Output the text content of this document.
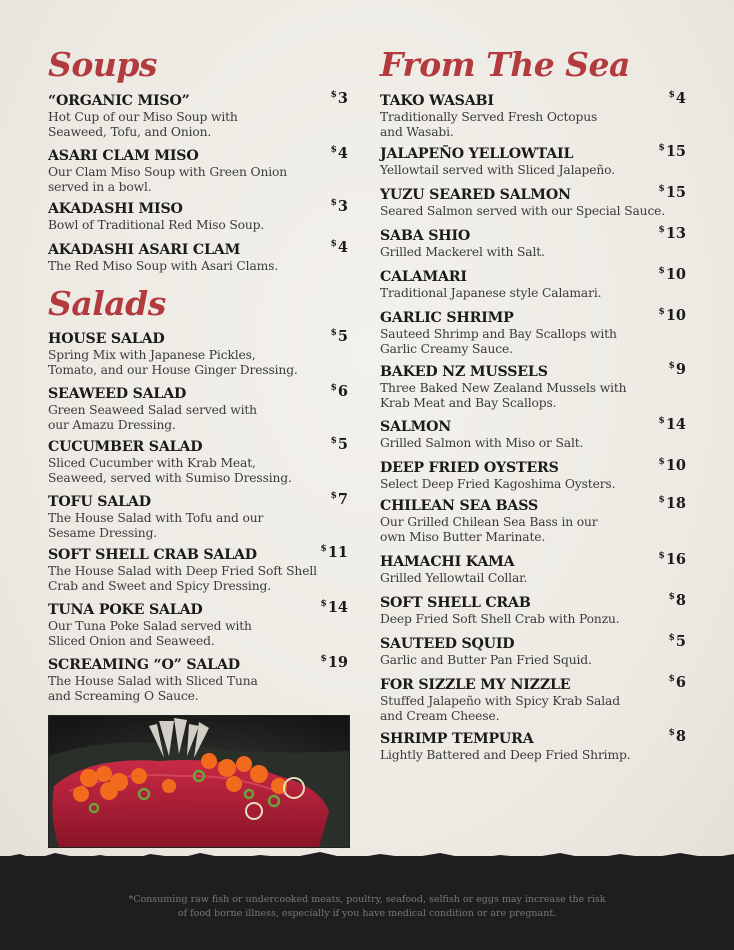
Soups
“ORGANIC MISO”	$3
Hot Cup of our Miso Soup with Seaweed, Tofu, and Onion.
ASARI CLAM MISO	$4
Our Clam Miso Soup with Green Onion served in a bowl.
AKADASHI MISO	$3
Bowl of Traditional Red Miso Soup.
AKADASHI ASARI CLAM	$4
The Red Miso Soup with Asari Clams.
Salads
HOUSE SALAD	$5
Spring Mix with Japanese Pickles, Tomato, and our House Ginger Dressing.
SEAWEED SALAD	$6
Green Seaweed Salad served with our Amazu Dressing.
CUCUMBER SALAD	$5
Sliced Cucumber with Krab Meat, Seaweed, served with Sumiso Dressing.
TOFU SALAD	$7
The House Salad with Tofu and our Sesame Dressing.
SOFT SHELL CRAB SALAD	$11
The House Salad with Deep Fried Soft Shell Crab and Sweet and Spicy Dressing.
TUNA POKE SALAD	$14
Our Tuna Poke Salad served with Sliced Onion and Seaweed.
SCREAMING “O” SALAD	$19
The House Salad with Sliced Tuna and Screaming O Sauce.
From The Sea
TAKO WASABI	$4
Traditionally Served Fresh Octopus and Wasabi.
JALAPEÑO YELLOWTAIL	$15
Yellowtail served with Sliced Jalapeño.
YUZU SEARED SALMON	$15
Seared Salmon served with our Special Sauce.
SABA SHIO	$13
Grilled Mackerel with Salt.
CALAMARI	$10
Traditional Japanese style Calamari.
GARLIC SHRIMP	$10
Sauteed Shrimp and Bay Scallops with Garlic Creamy Sauce.
BAKED NZ MUSSELS	$9
Three Baked New Zealand Mussels with Krab Meat and Bay Scallops.
SALMON	$14
Grilled Salmon with Miso or Salt.
DEEP FRIED OYSTERS	$10
Select Deep Fried Kagoshima Oysters.
CHILEAN SEA BASS	$18
Our Grilled Chilean Sea Bass in our own Miso Butter Marinate.
HAMACHI KAMA	$16
Grilled Yellowtail Collar.
SOFT SHELL CRAB	$8
Deep Fried Soft Shell Crab with Ponzu.
SAUTEED SQUID	$5
Garlic and Butter Pan Fried Squid.
FOR SIZZLE MY NIZZLE	$6
Stuffed Jalapeño with Spicy Krab Salad and Cream Cheese.
SHRIMP TEMPURA	$8
Lightly Battered and Deep Fried Shrimp.
*Consuming raw fish or undercooked meats, poultry, seafood, selfish or eggs may increase the risk
of food borne illness, especially if you have medical condition or are pregnant.
